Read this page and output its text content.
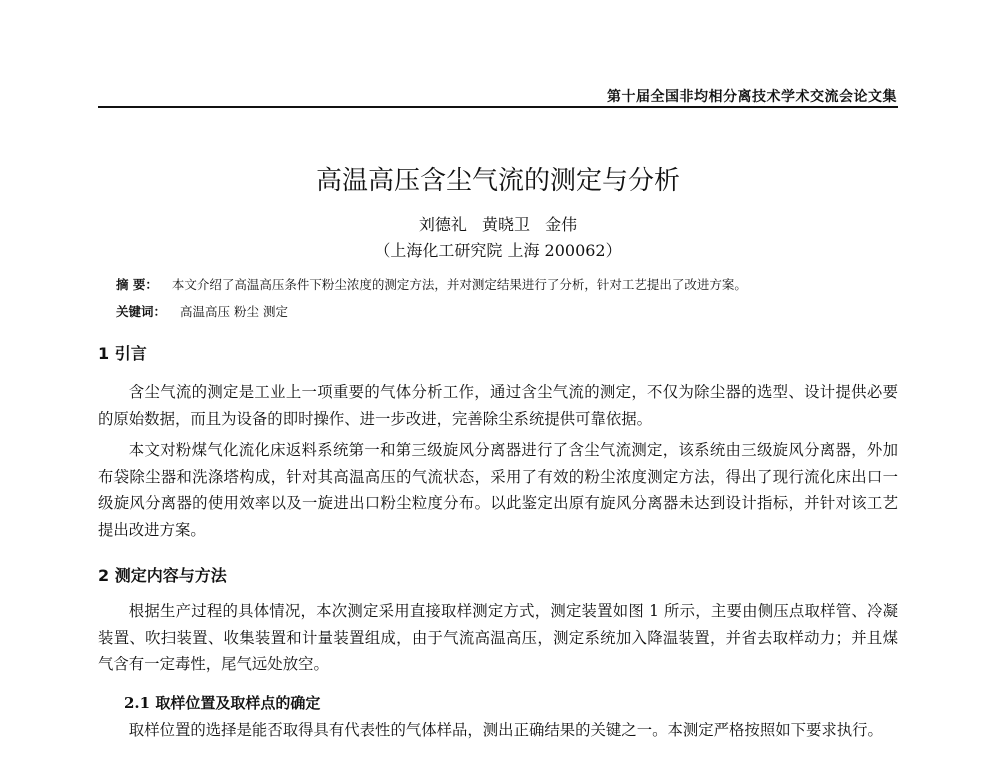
第十届全国非均相分离技术学术交流会论文集
高温高压含尘气流的测定与分析
刘德礼 黄晓卫 金伟
（上海化工研究院 上海 200062）
摘 要： 本文介绍了高温高压条件下粉尘浓度的测定方法，并对测定结果进行了分析，针对工艺提出了改进方案。
关键词： 高温高压 粉尘 测定
1 引言

含尘气流的测定是工业上一项重要的气体分析工作，通过含尘气流的测定，不仅为除尘器的选型、设计提供必要的原始数据，而且为设备的即时操作、进一步改进，完善除尘系统提供可靠依据。

本文对粉煤气化流化床返料系统第一和第三级旋风分离器进行了含尘气流测定，该系统由三级旋风分离器，外加布袋除尘器和洗涤塔构成，针对其高温高压的气流状态，采用了有效的粉尘浓度测定方法，得出了现行流化床出口一级旋风分离器的使用效率以及一旋进出口粉尘粒度分布。以此鉴定出原有旋风分离器未达到设计指标，并针对该工艺提出改进方案。

2 测定内容与方法

根据生产过程的具体情况，本次测定采用直接取样测定方式，测定装置如图 1 所示，主要由侧压点取样管、冷凝装置、吹扫装置、收集装置和计量装置组成，由于气流高温高压，测定系统加入降温装置，并省去取样动力；并且煤气含有一定毒性，尾气远处放空。

2.1 取样位置及取样点的确定

取样位置的选择是能否取得具有代表性的气体样品，测出正确结果的关键之一。本测定严格按照如下要求执行。
